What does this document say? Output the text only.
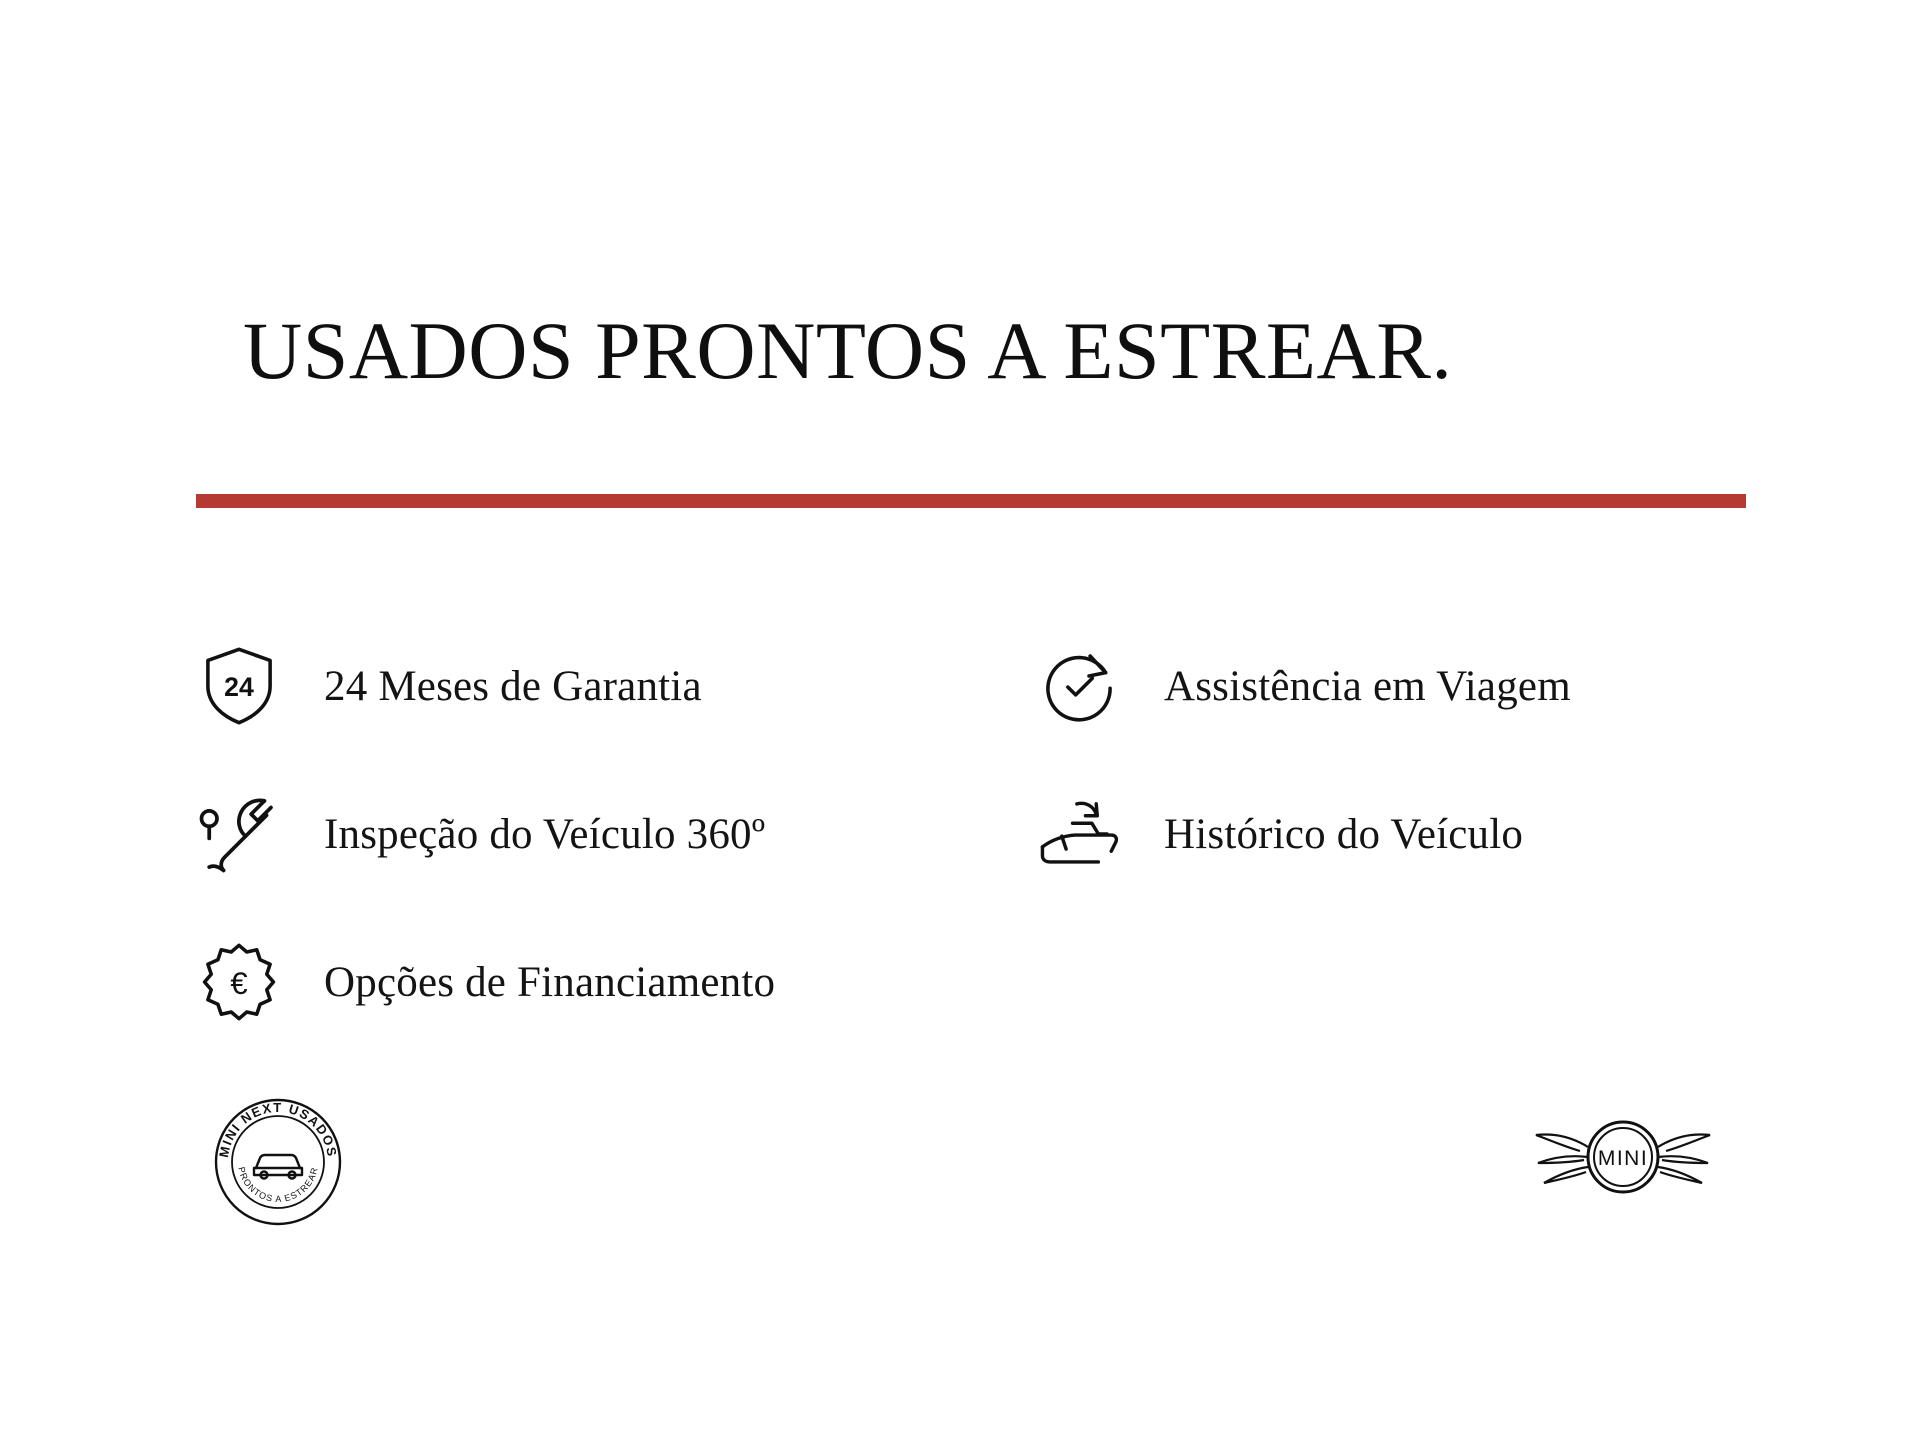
USADOS PRONTOS A ESTREAR.
24 24 Meses de Garantia	Assistência em Viagem
Inspeção do Veículo 360º	Histórico do Veículo
€ Opções de Financiamento
MINI NEXT USADOS
PRONTOS A ESTREAR
MINI
